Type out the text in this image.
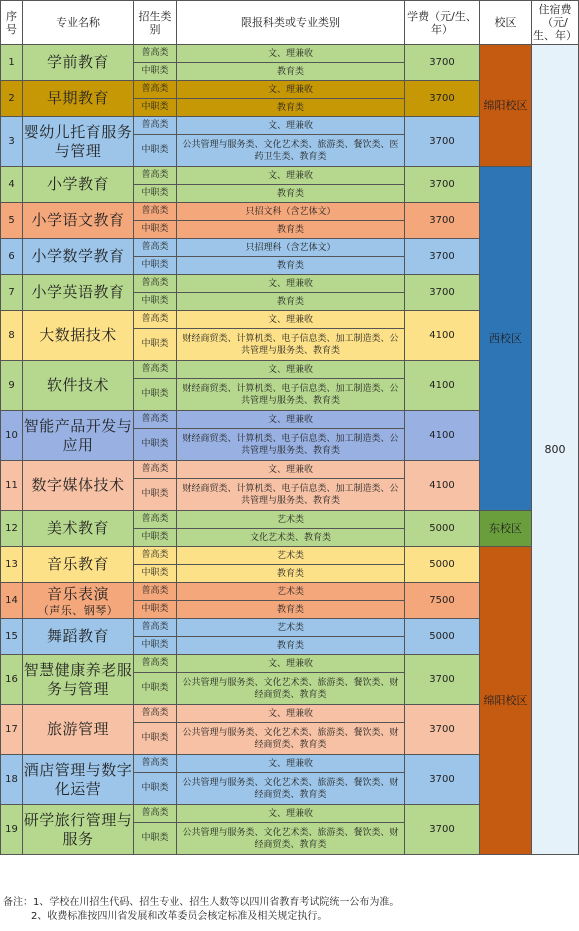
序号	专业名称	招生类别	限报科类或专业类别	学费（元/生、年）	校区	住宿费（元/生、年）
1	学前教育	普高类	文、理兼收	3700	绵阳校区	800
		中职类	教育类			
2	早期教育	普高类	文、理兼收	3700		
		中职类	教育类			
3	婴幼儿托育服务与管理	普高类	文、理兼收	3700		
		中职类	公共管理与服务类、文化艺术类、旅游类、餐饮类、医药卫生类、教育类			
4	小学教育	普高类	文、理兼收	3700	西校区	
		中职类	教育类			
5	小学语文教育	普高类	只招文科（含艺体文）	3700		
		中职类	教育类			
6	小学数学教育	普高类	只招理科（含艺体文）	3700		
		中职类	教育类			
7	小学英语教育	普高类	文、理兼收	3700		
		中职类	教育类			
8	大数据技术	普高类	文、理兼收	4100		
		中职类	财经商贸类、计算机类、电子信息类、加工制造类、公共管理与服务类、教育类			
9	软件技术	普高类	文、理兼收	4100		
		中职类	财经商贸类、计算机类、电子信息类、加工制造类、公共管理与服务类、教育类			
10	智能产品开发与应用	普高类	文、理兼收	4100		
		中职类	财经商贸类、计算机类、电子信息类、加工制造类、公共管理与服务类、教育类			
11	数字媒体技术	普高类	文、理兼收	4100		
		中职类	财经商贸类、计算机类、电子信息类、加工制造类、公共管理与服务类、教育类			
12	美术教育	普高类	艺术类	5000	东校区	
		中职类	文化艺术类、教育类			
13	音乐教育	普高类	艺术类	5000	绵阳校区	
		中职类	教育类			
14	音乐表演
（声乐、钢琴）	普高类	艺术类	7500		
		中职类	教育类			
15	舞蹈教育	普高类	艺术类	5000		
		中职类	教育类			
16	智慧健康养老服务与管理	普高类	文、理兼收	3700		
		中职类	公共管理与服务类、文化艺术类、旅游类、餐饮类、财经商贸类、教育类			
17	旅游管理	普高类	文、理兼收	3700		
		中职类	公共管理与服务类、文化艺术类、旅游类、餐饮类、财经商贸类、教育类			
18	酒店管理与数字化运营	普高类	文、理兼收	3700		
		中职类	公共管理与服务类、文化艺术类、旅游类、餐饮类、财经商贸类、教育类			
19	研学旅行管理与服务	普高类	文、理兼收	3700		
		中职类	公共管理与服务类、文化艺术类、旅游类、餐饮类、财经商贸类、教育类			
备注：1、学校在川招生代码、招生专业、招生人数等以四川省教育考试院统一公布为准。
2、收费标准按四川省发展和改革委员会核定标准及相关规定执行。
